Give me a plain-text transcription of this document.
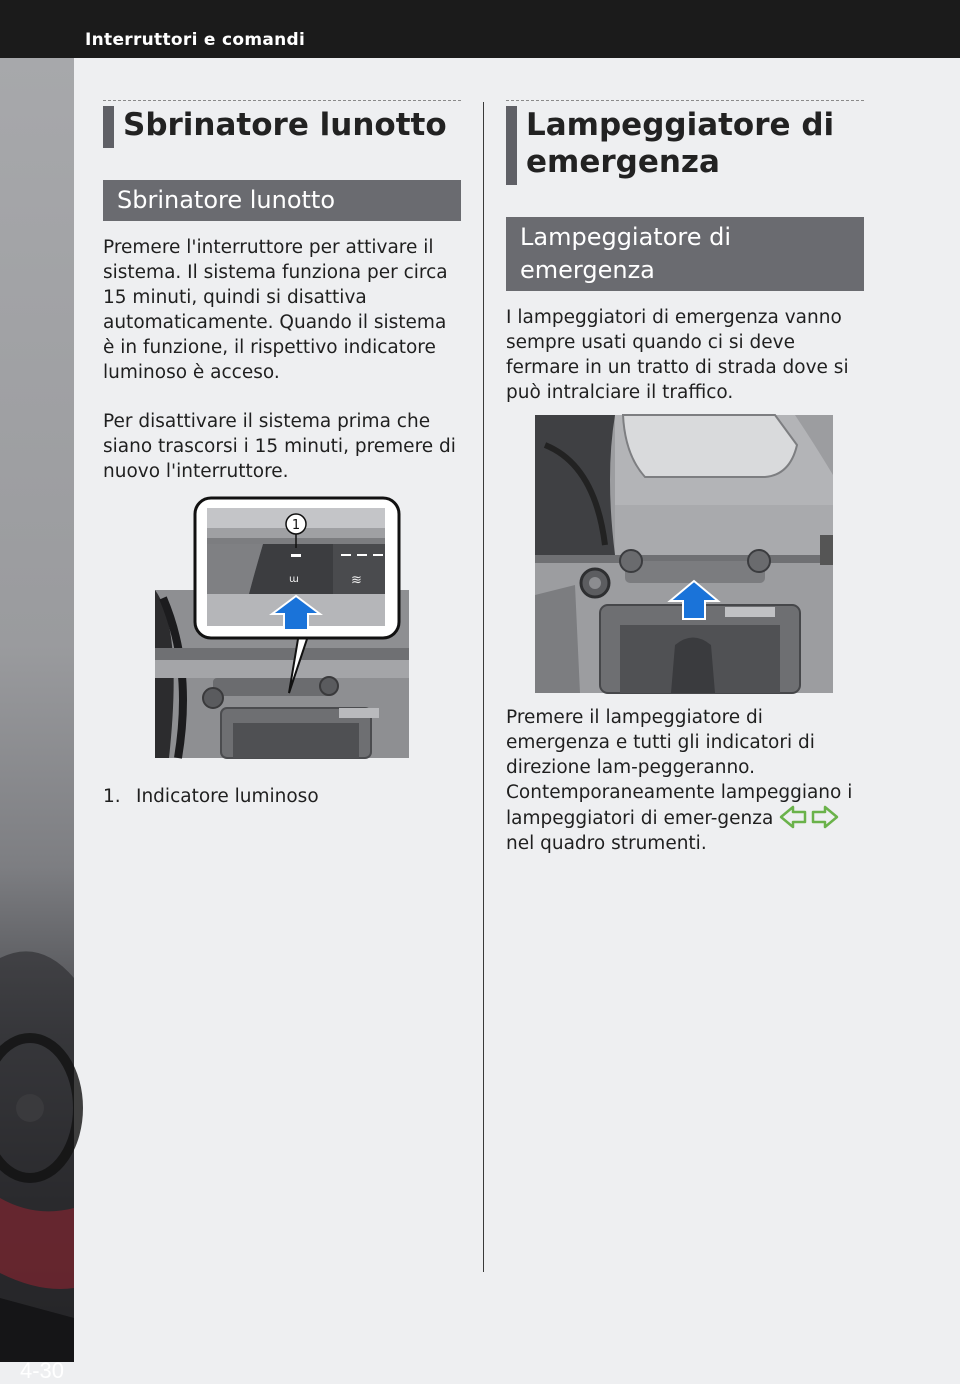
Interruttori e comandi
4-30
Sbrinatore lunotto
Sbrinatore lunotto

Premere l'interruttore per attivare il sistema. Il sistema funziona per circa 15 minuti, quindi si disattiva automaticamente. Quando il sistema è in funzione, il rispettivo indicatore luminoso è acceso.

Per disattivare il sistema prima che siano trascorsi i 15 minuti, premere di nuovo l'interruttore.

ɯ	≋
1
1. Indicatore luminoso
Lampeggiatore di emergenza
Lampeggiatore di emergenza

I lampeggiatori di emergenza vanno sempre usati quando ci si deve fermare in un tratto di strada dove si può intralciare il traffico.

Premere il lampeggiatore di emergenza e tutti gli indicatori di direzione lam-peggeranno. Contemporaneamente lampeggiano i lampeggiatori di emer-genza  nel quadro strumenti.
